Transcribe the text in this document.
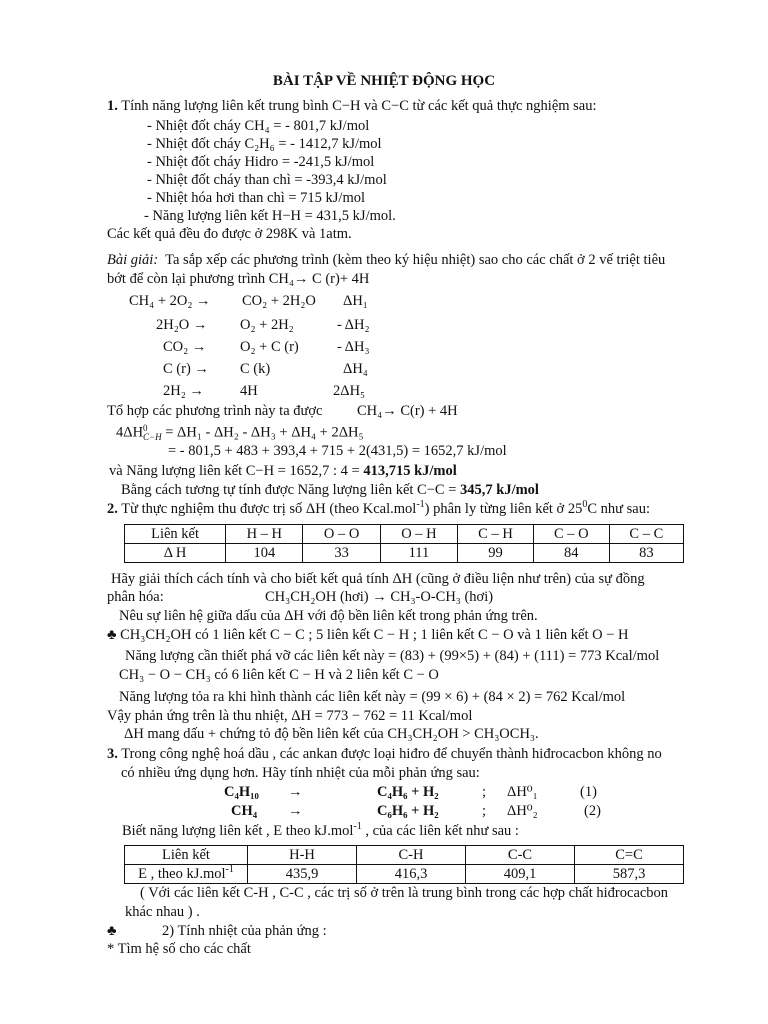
BÀI TẬP VỀ NHIỆT ĐỘNG HỌC
1. Tính năng lượng liên kết trung bình C−H và C−C từ các kết quả thực nghiệm sau:
- Nhiệt đốt cháy CH₄ = - 801,7 kJ/mol
- Nhiệt đốt cháy C₂H₆ = - 1412,7 kJ/mol
- Nhiệt đốt cháy Hidro = -241,5 kJ/mol
- Nhiệt đốt cháy than chì = -393,4 kJ/mol
- Nhiệt hóa hơi than chì = 715 kJ/mol
- Năng lượng liên kết H−H = 431,5 kJ/mol.
Các kết quả đều đo được ở 298K và 1atm.
Bài giải: Ta sắp xếp các phương trình (kèm theo ký hiệu nhiệt) sao cho các chất ở 2 vế triệt tiêu
bớt để còn lại phương trình CH₄→ C (r)+ 4H
CH₄ + 2O₂ → CO₂ + 2H₂O ΔH₁
2H₂O → O₂ + 2H₂	- ΔH₂
CO₂ → O₂ + C (r)	- ΔH₃
C (r) → C (k)	ΔH₄
2H₂ → 4H	2ΔH₅
Tổ hợp các phương trình này ta được CH₄→ C(r) + 4H
4ΔH 0
C−H = ΔH₁ - ΔH₂ - ΔH₃ + ΔH₄ + 2ΔH₅
= - 801,5 + 483 + 393,4 + 715 + 2(431,5) = 1652,7 kJ/mol
và Năng lượng liên kết C−H = 1652,7 : 4 = 413,715 kJ/mol
Bằng cách tương tự tính được Năng lượng liên kết C−C = 345,7 kJ/mol
2. Từ thực nghiệm thu được trị số ΔH (theo Kcal.mol$^{-1}$) phân ly từng liên kết ở $25^0C$ như sau:
Liên kết	H – H	O – O	O – H	C – H	C – O	C – C
Δ H	104	33	111	99	84	83
Hãy giải thích cách tính và cho biết kết quả tính ΔH (cũng ở điều liện như trên) của sự đồng
phân hóa:	CH₃CH₂OH (hơi) → CH₃-O-CH₃ (hơi)
Nêu sự liên hệ giữa dấu của ΔH với độ bền liên kết trong phản ứng trên.
♣ CH₃CH₂OH có 1 liên kết C − C ; 5 liên kết C − H ; 1 liên kết C − O và 1 liên kết O − H
Năng lượng cần thiết phá vỡ các liên kết này = (83) + (99×5) + (84) + (111) = 773 Kcal/mol
CH₃ − O − CH₃ có 6 liên kết C − H và 2 liên kết C − O
Năng lượng tỏa ra khi hình thành các liên kết này = (99 × 6) + (84 × 2) = 762 Kcal/mol
Vậy phản ứng trên là thu nhiệt, ΔH = 773 − 762 = 11 Kcal/mol
ΔH mang dấu + chứng tỏ độ bền liên kết của CH₃CH₂OH > CH₃OCH₃.
3. Trong công nghệ hoá dầu , các ankan được loại hiđro để chuyển thành hiđrocacbon không no
có nhiều ứng dụng hơn. Hãy tính nhiệt của mỗi phản ứng sau:
C₄H₁₀ →	C₄H₆ + H₂	; ΔH⁰₁	(1)
CH₄ →	C₆H₆ + H₂	; ΔH⁰₂	(2)
Biết năng lượng liên kết , E theo kJ.mol$^{-1}$ , của các liên kết như sau :
Liên kết	H-H	C-H	C-C	C=C
E , theo kJ.mol$^{-1}$	435,9	416,3	409,1	587,3
( Với các liên kết C-H , C-C , các trị số ở trên là trung bình trong các hợp chất hiđrocacbon
khác nhau ) .
♣	2) Tính nhiệt của phản ứng :
* Tìm hệ số cho các chất
